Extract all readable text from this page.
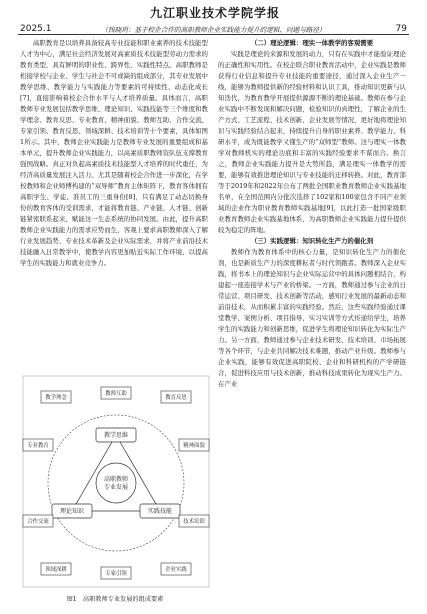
2025.1
九江职业技术学院学报
79
（钱晓玥：基于校企合作的高职教师企业实践能力提升的逻辑、问题与路径）

高职教育是以培养具备较高专业技能和职业素养的技术技能型人才为中心，满足社会经济发展对高素质技术技能型劳动力需求的教育类型，具有鲜明的职业性、跨界性、实践性特点。高职教师是桁接学校与企业、学生与社会不可或缺的组成部分，其专业发展中教学思维、教学能力与实践能力等要素的可持续性、动态化成长[7]，直接影响着校企合作水平与人才培养质量。具体而言，高职教师专业发展包括教学思维、理论知识、实践技能等三个维度和教学理念、教育反思、专业教育、精神面貌、教师互助、合作交流、专家引领、教育反思、领域深耕、技术培训等十个要素，具体如图1所示。其中，教师企业实践能力是教师专业发展的重要组成和基本单元，提升教师企业实践能力，以高素质职教师资队伍支撑教育强国战略。真正对负起高素质技术技能型人才培养的时代重任，为经济高质量发展注入活力。尤其是随着校企合作进一步深化，在学校教师和企业师傅构建的“双导师”教育主体矩阵下，教育客体拥有高职学生、学徒、准员工的三重身份[8]，只有满足了动态切换身份的教育客体的受训需求，才能将教育链、产业链、人才链、创新链紧密联系起来，赋能这一生态系统的协同发展。由此，提升高职教师企业实践能力的需求应势而生，客观上要求高职教师深入了解行业发展趋势、专业技术革新及企业实际需求，并将产业前沿技术技能融入日常教学中，使教学内容更加贴近实际工作环境，以提高学生的实践能力和就业竞争力。

（二）理论逻辑：理实一体教学的客观需要

实践是理论的来源和发展的动力，只有在实践中才能验证理论的正确性和实用性。在校企联合职业教育活动中，企业实践是教师获得行业信息和提升专业技能的重要途径，通过深入企业生产一线，能够为教师提供新的经验材料和认识工具，推动知识更新与认知迭代，为教育教学开展提供源源不断的理论基础。教师在参与企业实践中不断发现和解决问题，检验知识的真理性，了解企业的生产方式、工艺流程、技术创新、企业发展等情况，更好地将理论知识与实践经验结合起来，持续提升自身的职业素养、教学能力、科研水平，成为既能教学又懂生产的“双师型”教师。这与理实一体教学对教师机实的理论功底和丰富的实践经验要求不谋而合。换言之，教师企业实践能力提升是大势所趋，满足理实一体教学的需要，能够有效推进理论知识与专业技能的迁移转换。对此，教育部等于2019年和2022年公布了两批全国职业教育教师企业实践基地名单，在全国范围内分批次选择了102家和100家包含不同产业领域的企业作为职业教育教师实践基地[9]，以此打造一批国家级职业教育教师企业实践基地体系，为高职教师企业实践能力提升提供较为稳定的阵地。

（三）实践逻辑：知识转化生产力的催化剂

教师作为教育体系中的核心力量，是知识转化生产力的催化剂，也是新质生产力的深度耕耘者与时代领跑者。教师深入企业实践，将书本上的理论知识与企业实际运营中的具体问题相结合，构建起一座连接学术与产业的桥梁。一方面，教师通过参与企业的日常运营、项目研发、技术创新等活动，感知行业发展的最新动态和前沿技术，从而积累丰富的实践经验。然后，这些实践经验通过课堂教学、案例分析、项目指导、实习实训等方式传递给学生，培养学生的实践能力和创新思维，促进学生将理论知识转化为实际生产力。另一方面，教师通过参与企业技术研发、技术培训、市场拓展等各个环节，与企业共同解决技术难题，推动产业升级。教师参与企业实践，能够有效促进高职院校、企业和科研机构的产学研链合，促进科技应用与技术创新，推动科技成果转化为现实生产力。在产业

高职教师
专业发展
教学思维
理论知识	实践技能
教学理念
教师互助
教育反思
专业教育	精神面貌
合作交流	技术培训
领域深耕
专家引领
企业实践
图1　高职教师专业发展的组成要素
